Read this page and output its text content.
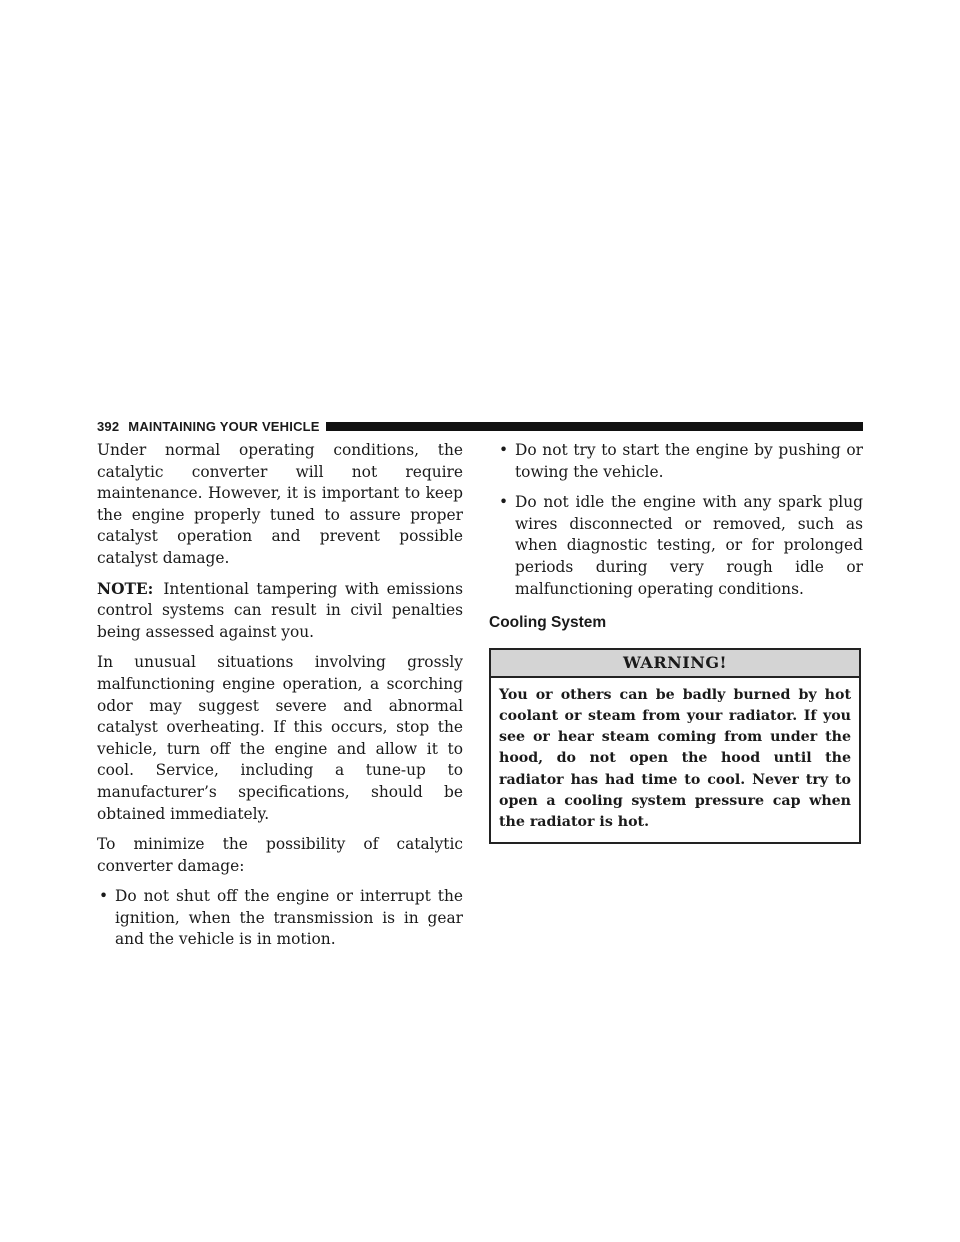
392 MAINTAINING YOUR VEHICLE

Under normal operating conditions, the catalytic converter will not require maintenance. However, it is important to keep the engine properly tuned to assure proper catalyst operation and prevent possible catalyst damage.

NOTE: Intentional tampering with emissions control systems can result in civil penalties being assessed against you.

In unusual situations involving grossly malfunctioning engine operation, a scorching odor may suggest severe and abnormal catalyst overheating. If this occurs, stop the vehicle, turn off the engine and allow it to cool. Service, including a tune-up to manufacturer’s specifications, should be obtained immediately.

To minimize the possibility of catalytic converter damage:

• Do not shut off the engine or interrupt the ignition, when the transmission is in gear and the vehicle is in motion.
• Do not try to start the engine by pushing or towing the vehicle.
• Do not idle the engine with any spark plug wires disconnected or removed, such as when diagnostic testing, or for prolonged periods during very rough idle or malfunctioning operating conditions.
Cooling System
WARNING!

You or others can be badly burned by hot coolant or steam from your radiator. If you see or hear steam coming from under the hood, do not open the hood until the radiator has had time to cool. Never try to open a cooling system pressure cap when the radiator is hot.
